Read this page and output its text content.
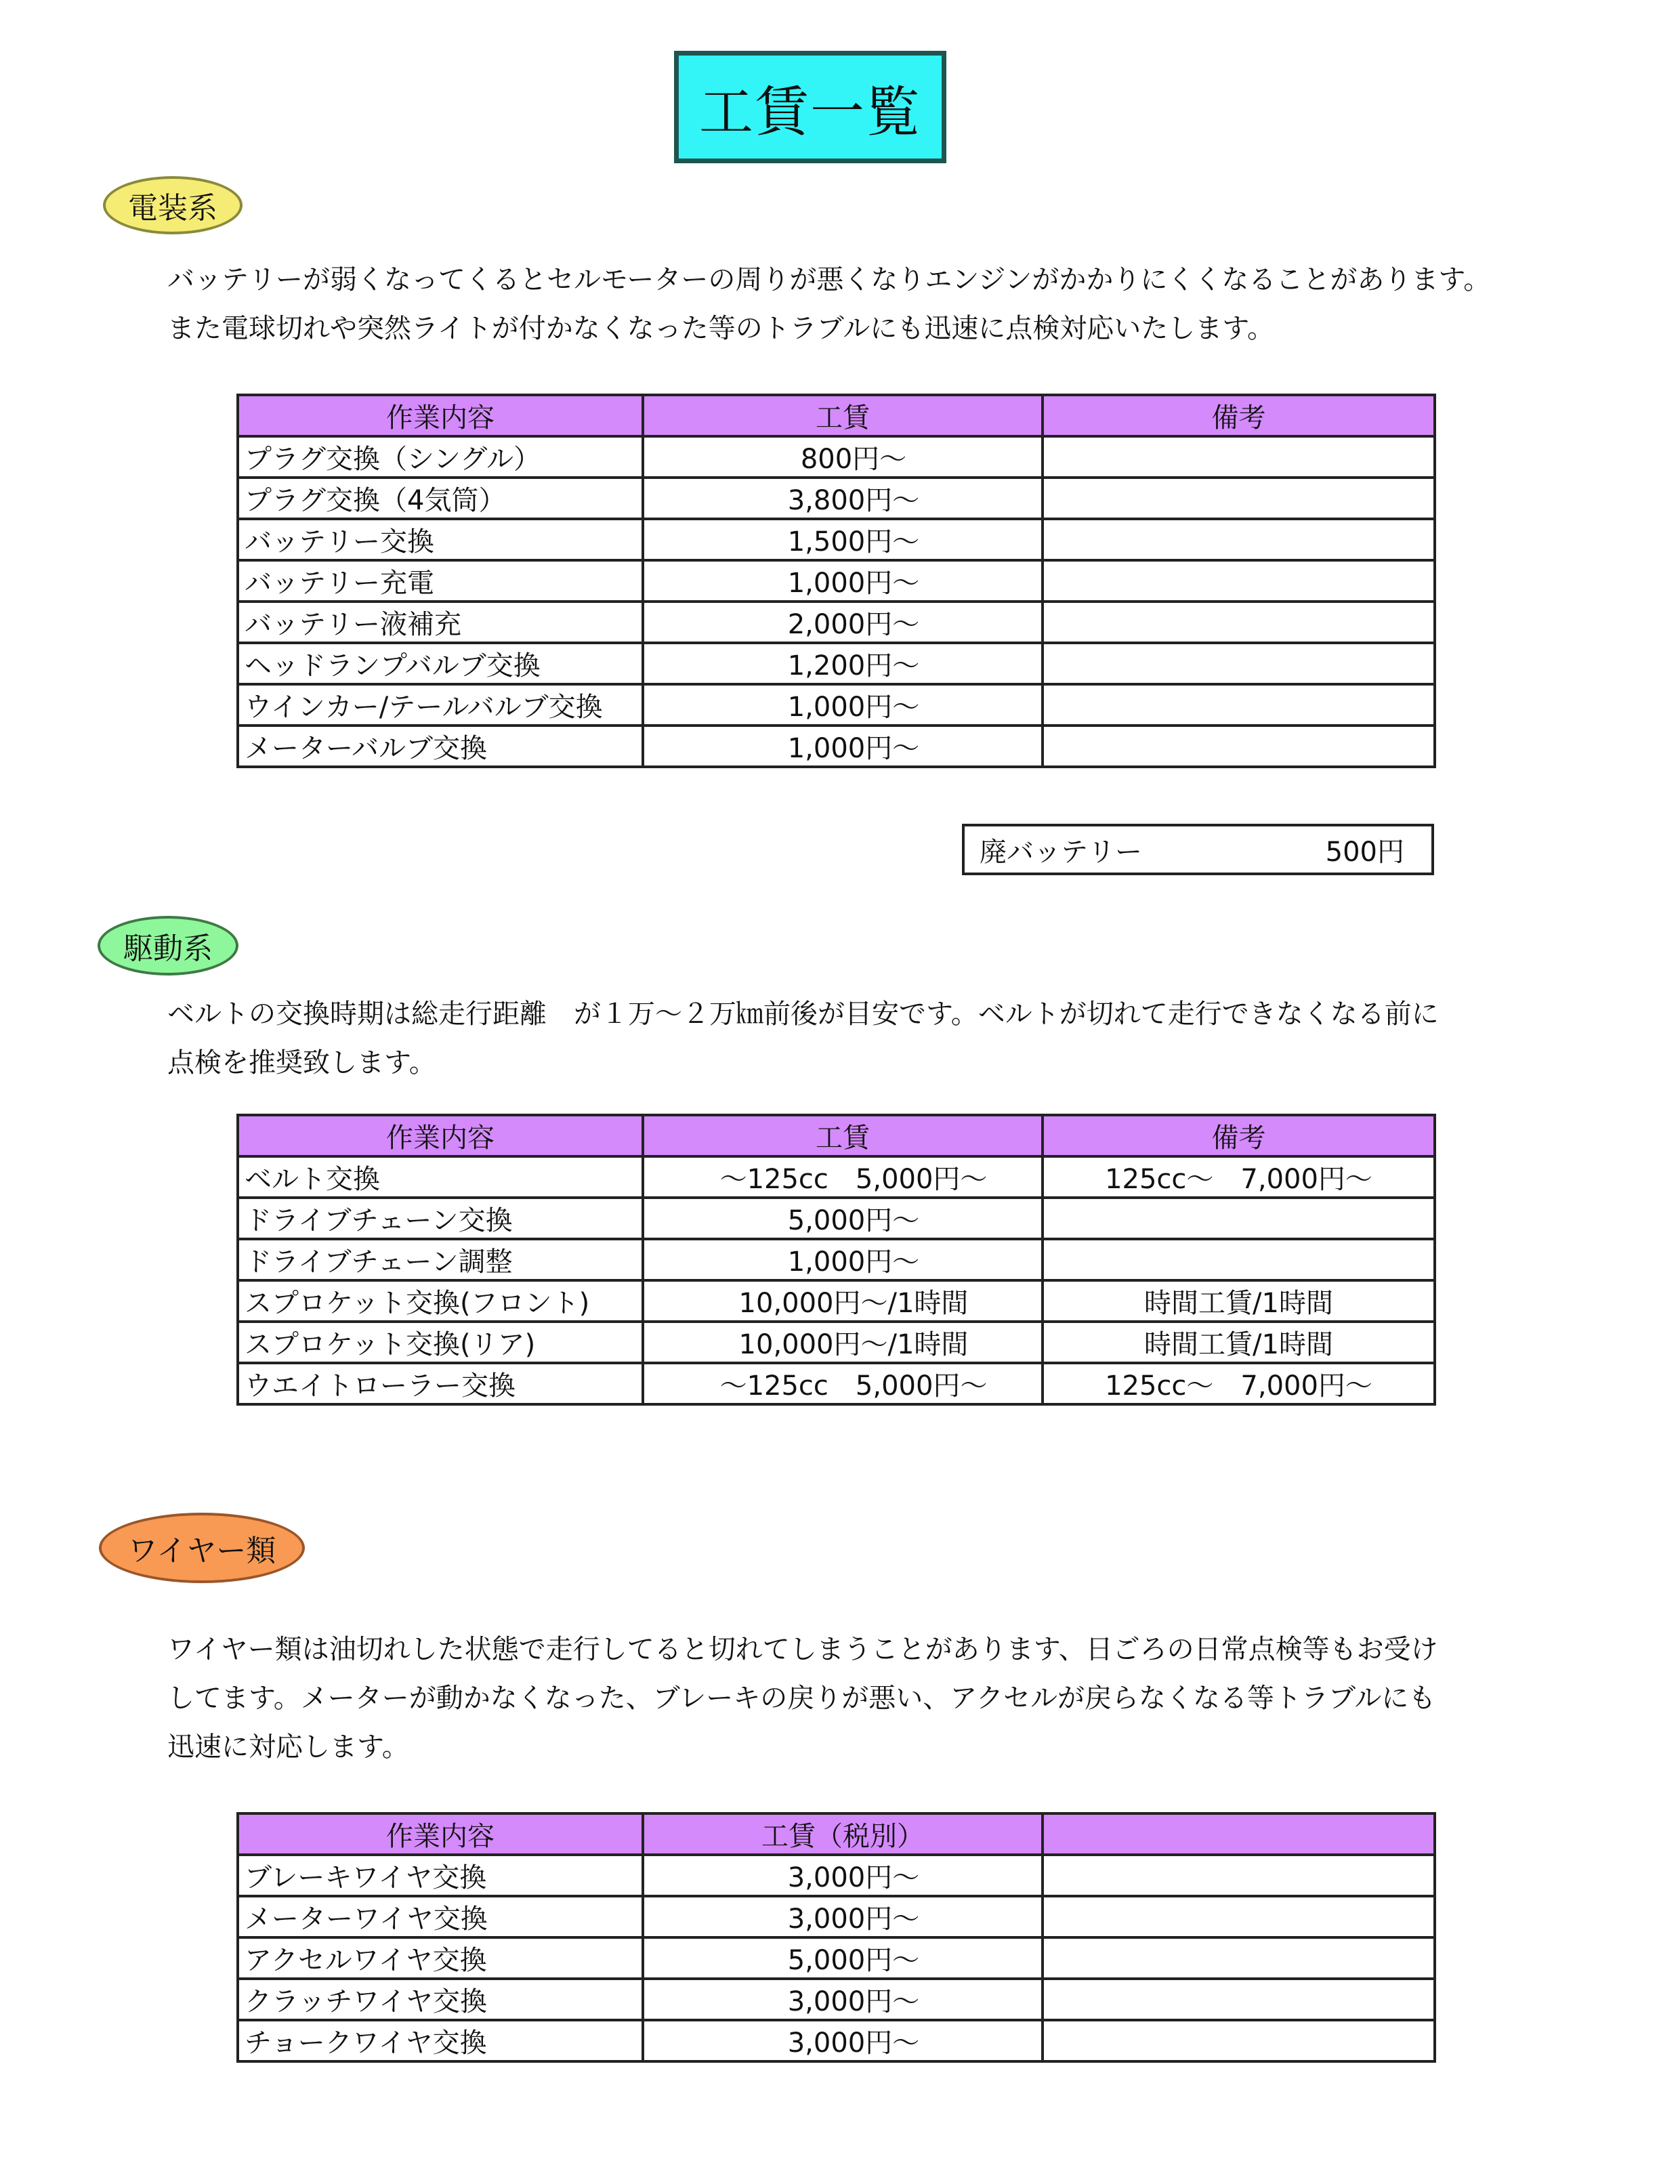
工賃一覧
電装系
バッテリーが弱くなってくるとセルモーターの周りが悪くなりエンジンがかかりにくくなることがあります。
また電球切れや突然ライトが付かなくなった等のトラブルにも迅速に点検対応いたします。
作業内容	工賃	備考
プラグ交換（シングル）	800円～	
プラグ交換（4気筒）	3,800円～	
バッテリー交換	1,500円～	
バッテリー充電	1,000円～	
バッテリー液補充	2,000円～	
ヘッドランプバルブ交換	1,200円～	
ウインカー/テールバルブ交換	1,000円～	
メーターバルブ交換	1,000円～	
廃バッテリー	500円
駆動系
ベルトの交換時期は総走行距離　が１万～２万㎞前後が目安です。ベルトが切れて走行できなくなる前に
点検を推奨致します。
作業内容	工賃	備考
ベルト交換	～125cc　5,000円～	125cc～　7,000円～
ドライブチェーン交換	5,000円～	
ドライブチェーン調整	1,000円～	
スプロケット交換(フロント)	10,000円～/1時間	時間工賃/1時間
スプロケット交換(リア)	10,000円～/1時間	時間工賃/1時間
ウエイトローラー交換	～125cc　5,000円～	125cc～　7,000円～
ワイヤー類
ワイヤー類は油切れした状態で走行してると切れてしまうことがあります、日ごろの日常点検等もお受け
してます。メーターが動かなくなった、ブレーキの戻りが悪い、アクセルが戻らなくなる等トラブルにも
迅速に対応します。
作業内容	工賃（税別）	
ブレーキワイヤ交換	3,000円～	
メーターワイヤ交換	3,000円～	
アクセルワイヤ交換	5,000円～	
クラッチワイヤ交換	3,000円～	
チョークワイヤ交換	3,000円～	
